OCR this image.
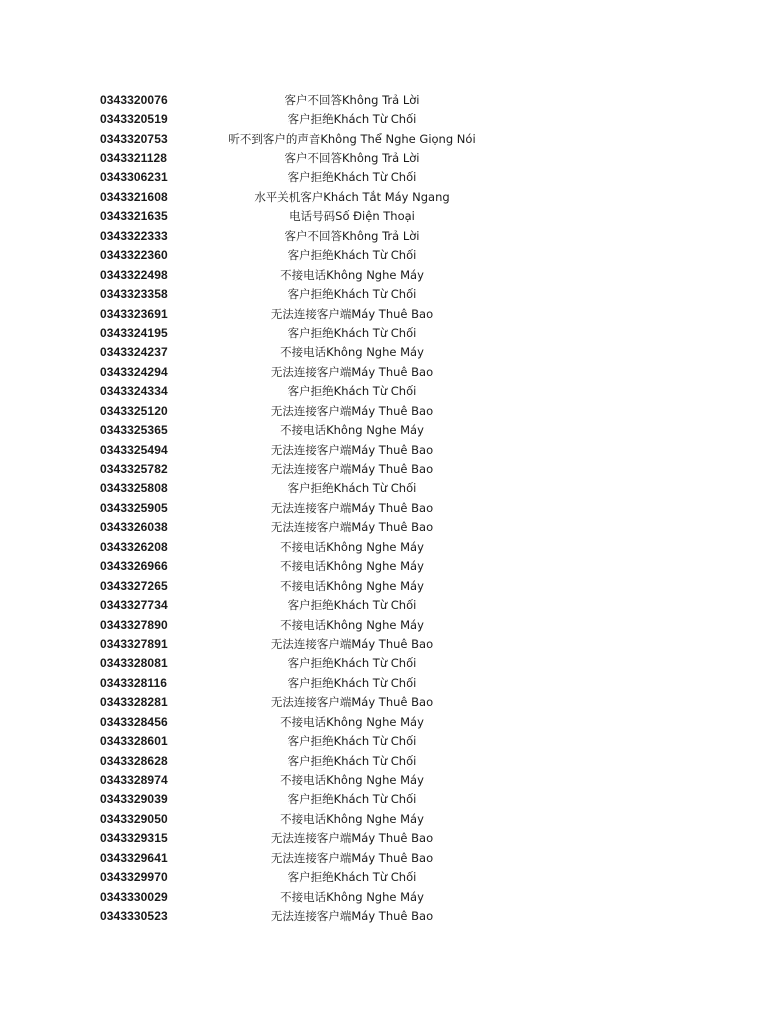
0343320076	客户不回答Không Trả Lời
0343320519	客户拒绝Khách Từ Chối
0343320753	听不到客户的声音Không Thể Nghe Giọng Nói
0343321128	客户不回答Không Trả Lời
0343306231	客户拒绝Khách Từ Chối
0343321608	水平关机客户Khách Tắt Máy Ngang
0343321635	电话号码Số Điện Thoại
0343322333	客户不回答Không Trả Lời
0343322360	客户拒绝Khách Từ Chối
0343322498	不接电话Không Nghe Máy
0343323358	客户拒绝Khách Từ Chối
0343323691	无法连接客户端Máy Thuê Bao
0343324195	客户拒绝Khách Từ Chối
0343324237	不接电话Không Nghe Máy
0343324294	无法连接客户端Máy Thuê Bao
0343324334	客户拒绝Khách Từ Chối
0343325120	无法连接客户端Máy Thuê Bao
0343325365	不接电话Không Nghe Máy
0343325494	无法连接客户端Máy Thuê Bao
0343325782	无法连接客户端Máy Thuê Bao
0343325808	客户拒绝Khách Từ Chối
0343325905	无法连接客户端Máy Thuê Bao
0343326038	无法连接客户端Máy Thuê Bao
0343326208	不接电话Không Nghe Máy
0343326966	不接电话Không Nghe Máy
0343327265	不接电话Không Nghe Máy
0343327734	客户拒绝Khách Từ Chối
0343327890	不接电话Không Nghe Máy
0343327891	无法连接客户端Máy Thuê Bao
0343328081	客户拒绝Khách Từ Chối
0343328116	客户拒绝Khách Từ Chối
0343328281	无法连接客户端Máy Thuê Bao
0343328456	不接电话Không Nghe Máy
0343328601	客户拒绝Khách Từ Chối
0343328628	客户拒绝Khách Từ Chối
0343328974	不接电话Không Nghe Máy
0343329039	客户拒绝Khách Từ Chối
0343329050	不接电话Không Nghe Máy
0343329315	无法连接客户端Máy Thuê Bao
0343329641	无法连接客户端Máy Thuê Bao
0343329970	客户拒绝Khách Từ Chối
0343330029	不接电话Không Nghe Máy
0343330523	无法连接客户端Máy Thuê Bao
